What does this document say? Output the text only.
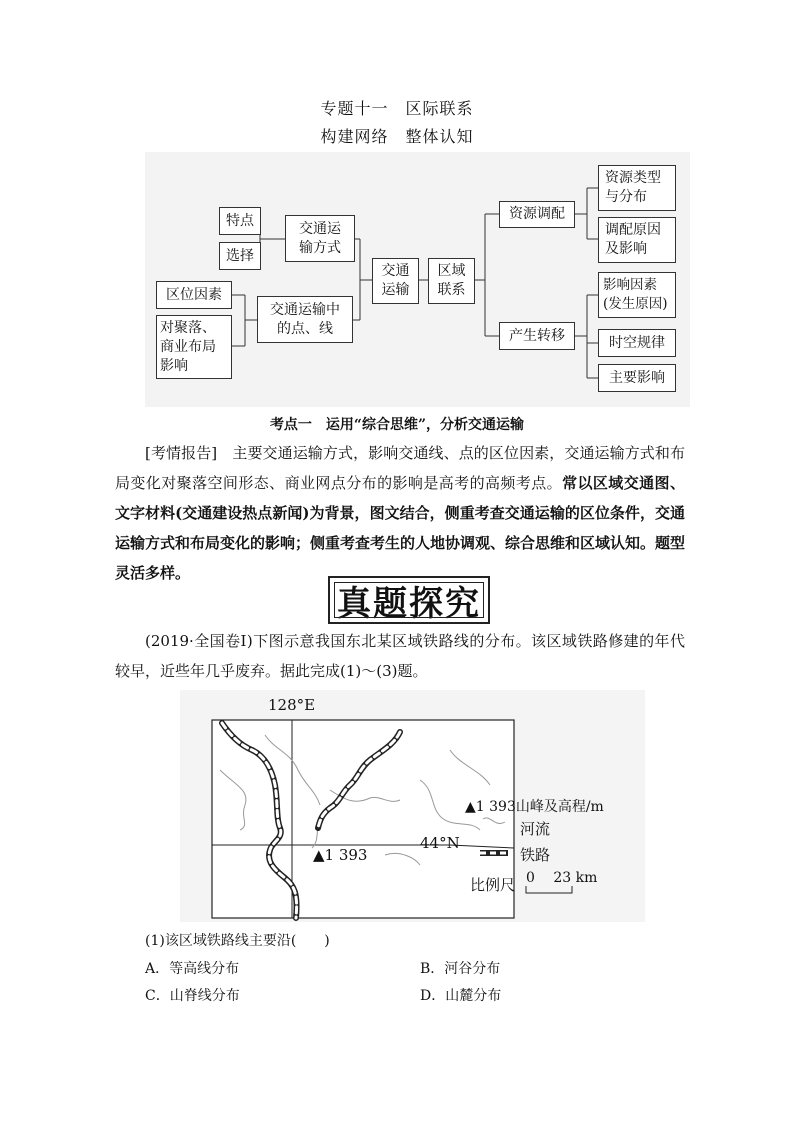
专题十一　区际联系
构建网络　整体认知
特点
选择
交通运输方式
区位因素
对聚落、商业布局影响
交通运输中的点、线
交通运输
区域联系
资源调配
产生转移
资源类型与分布
调配原因及影响
影响因素(发生原因)
时空规律
主要影响
考点一　运用“综合思维”，分析交通运输
[考情报告]　主要交通运输方式，影响交通线、点的区位因素，交通运输方式和布局变化对聚落空间形态、商业网点分布的影响是高考的高频考点。常以区域交通图、文字材料(交通建设热点新闻)为背景，图文结合，侧重考查交通运输的区位条件，交通运输方式和布局变化的影响；侧重考查考生的人地协调观、综合思维和区域认知。题型灵活多样。
真题探究
(2019·全国卷Ⅰ)下图示意我国东北某区域铁路线的分布。该区域铁路修建的年代较早，近些年几乎废弃。据此完成(1)～(3)题。
128°E
44°N
▲1 393
▲1 393山峰及高程/m
河流
铁路
比例尺 0　 23 km
(1)该区域铁路线主要沿(　　)
A．等高线分布	B．河谷分布
C．山脊线分布	D．山麓分布
